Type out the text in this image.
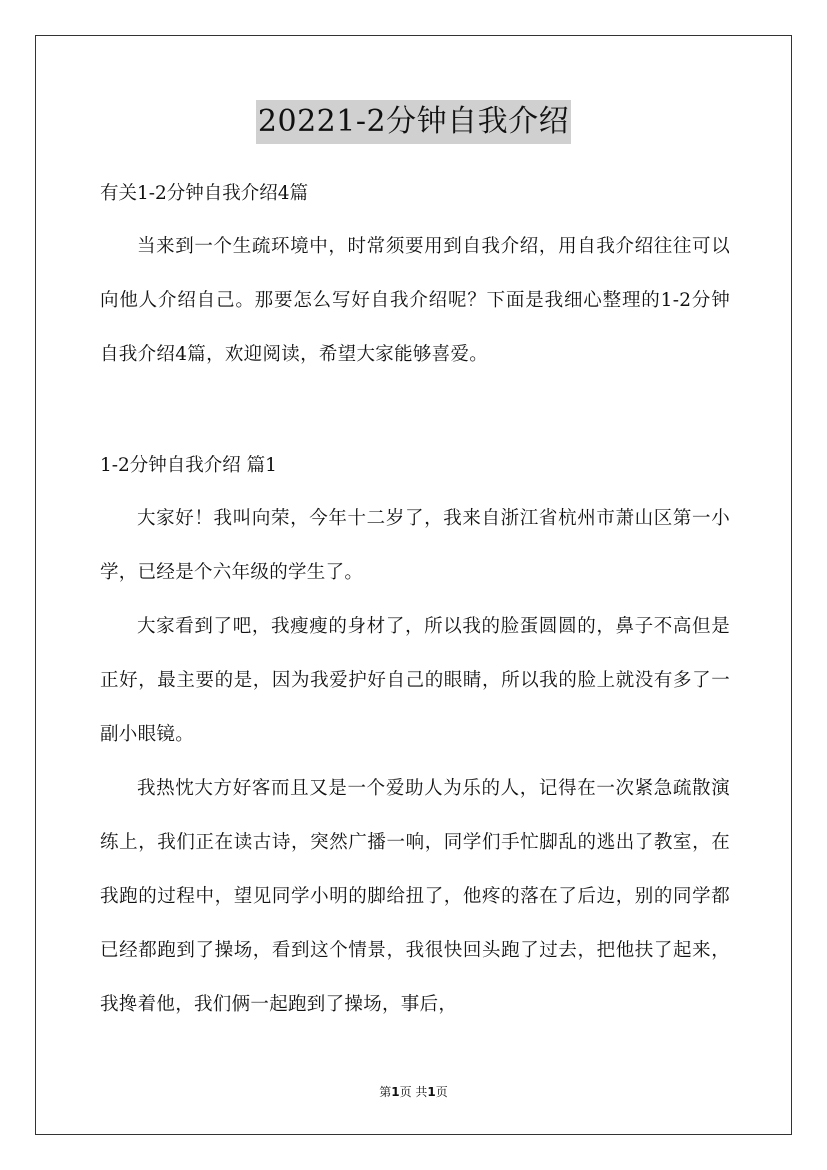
20221-2分钟自我介绍

有关1-2分钟自我介绍4篇

当来到一个生疏环境中，时常须要用到自我介绍，用自我介绍往往可以向他人介绍自己。那要怎么写好自我介绍呢？下面是我细心整理的1-2分钟自我介绍4篇，欢迎阅读，希望大家能够喜爱。

1-2分钟自我介绍 篇1

大家好！我叫向荣，今年十二岁了，我来自浙江省杭州市萧山区第一小学，已经是个六年级的学生了。

大家看到了吧，我瘦瘦的身材了，所以我的脸蛋圆圆的，鼻子不高但是正好，最主要的是，因为我爱护好自己的眼睛，所以我的脸上就没有多了一副小眼镜。

我热忱大方好客而且又是一个爱助人为乐的人，记得在一次紧急疏散演练上，我们正在读古诗，突然广播一响，同学们手忙脚乱的逃出了教室，在我跑的过程中，望见同学小明的脚给扭了，他疼的落在了后边，别的同学都已经都跑到了操场，看到这个情景，我很快回头跑了过去，把他扶了起来，我搀着他，我们俩一起跑到了操场，事后，

第1页 共1页
